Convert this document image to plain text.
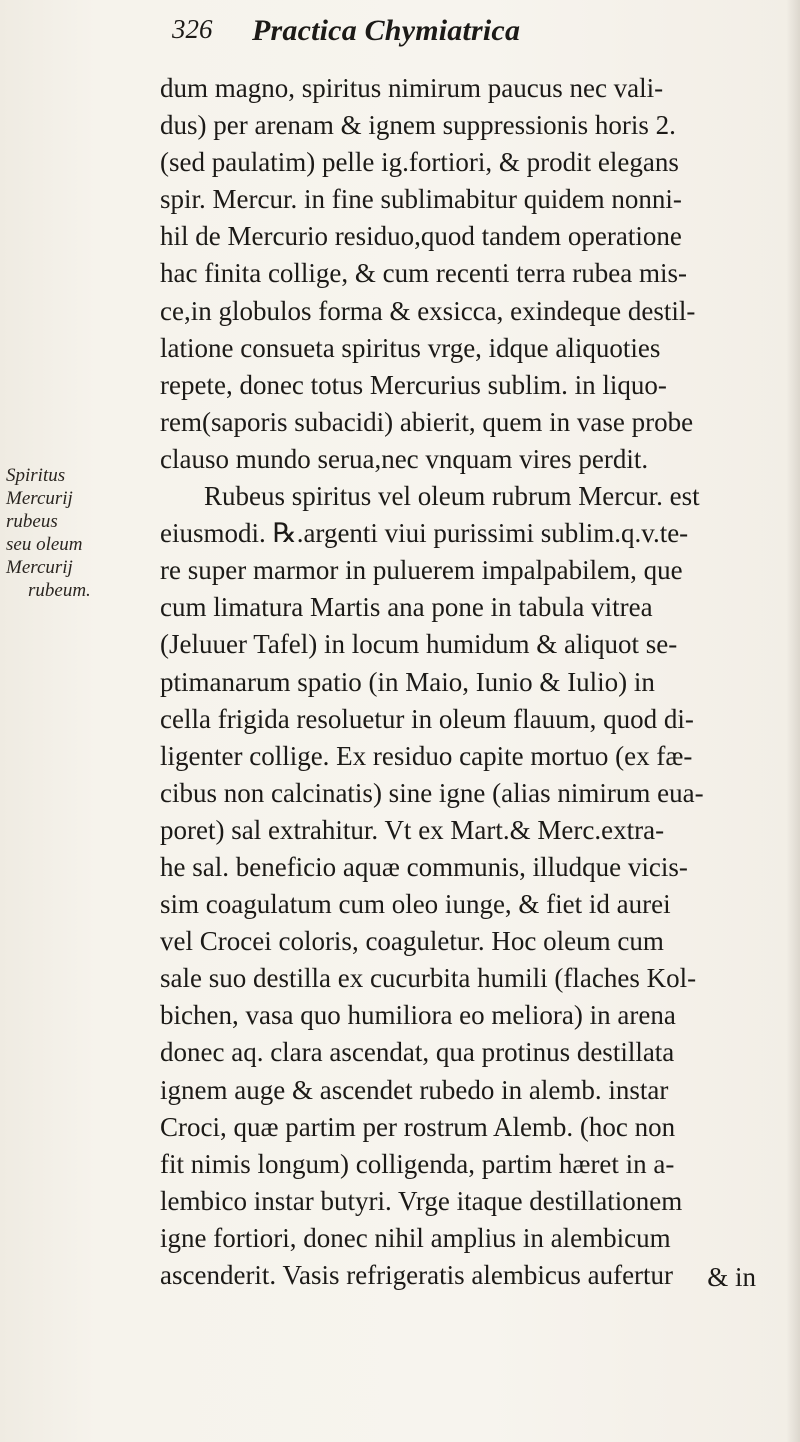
326 Practica Chymiatrica
Spiritus
Mercurij
rubeus
seu oleum
Mercurij
rubeum.
dum magno, spiritus nimirum paucus nec vali-
dus) per arenam & ignem suppressionis horis 2.
(sed paulatim) pelle ig.fortiori, & prodit elegans
spir. Mercur. in fine sublimabitur quidem nonni-
hil de Mercurio residuo,quod tandem operatione
hac finita collige, & cum recenti terra rubea mis-
ce,in globulos forma & exsicca, exindeque destil-
latione consueta spiritus vrge, idque aliquoties
repete, donec totus Mercurius sublim. in liquo-
rem(saporis subacidi) abierit, quem in vase probe
clauso mundo serua,nec vnquam vires perdit.
Rubeus spiritus vel oleum rubrum Mercur. est
eiusmodi. ℞.argenti viui purissimi sublim.q.v.te-
re super marmor in puluerem impalpabilem, que
cum limatura Martis ana pone in tabula vitrea
(Jeluuer Tafel) in locum humidum & aliquot se-
ptimanarum spatio (in Maio, Iunio & Iulio) in
cella frigida resoluetur in oleum flauum, quod di-
ligenter collige. Ex residuo capite mortuo (ex fæ-
cibus non calcinatis) sine igne (alias nimirum eua-
poret) sal extrahitur. Vt ex Mart.& Merc.extra-
he sal. beneficio aquæ communis, illudque vicis-
sim coagulatum cum oleo iunge, & fiet id aurei
vel Crocei coloris, coaguletur. Hoc oleum cum
sale suo destilla ex cucurbita humili (flaches Kol-
bichen, vasa quo humiliora eo meliora) in arena
donec aq. clara ascendat, qua protinus destillata
ignem auge & ascendet rubedo in alemb. instar
Croci, quæ partim per rostrum Alemb. (hoc non
fit nimis longum) colligenda, partim hæret in a-
lembico instar butyri. Vrge itaque destillationem
igne fortiori, donec nihil amplius in alembicum
ascenderit. Vasis refrigeratis alembicus aufertur	& in
